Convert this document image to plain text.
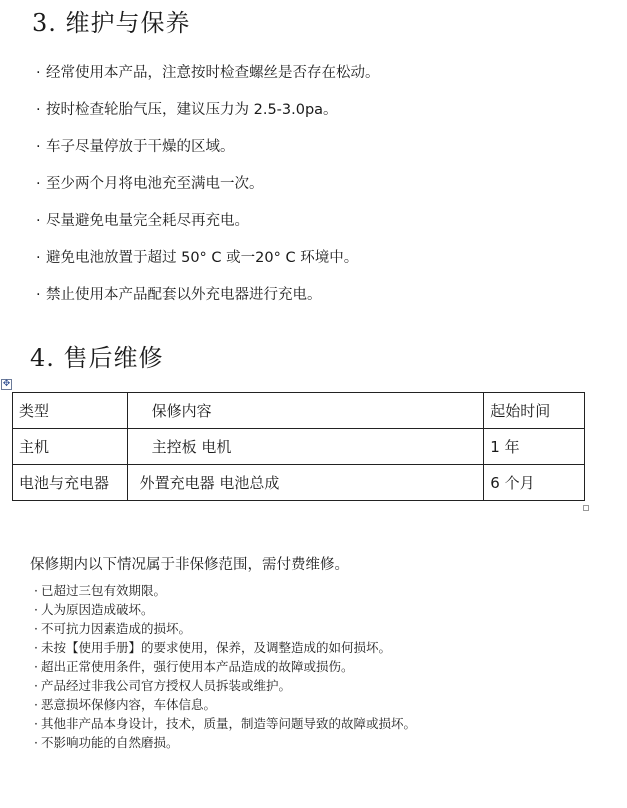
3. 维护与保养
· 经常使用本产品，注意按时检查螺丝是否存在松动。
· 按时检查轮胎气压，建议压力为 2.5-3.0pa。
· 车子尽量停放于干燥的区域。
· 至少两个月将电池充至满电一次。
· 尽量避免电量完全耗尽再充电。
· 避免电池放置于超过 50° C 或一20° C 环境中。
· 禁止使用本产品配套以外充电器进行充电。
4. 售后维修
✥
类型	保修内容	起始时间
主机	主控板 电机	1 年
电池与充电器	外置充电器 电池总成	6 个月

保修期内以下情况属于非保修范围，需付费维修。

· 已超过三包有效期限。
· 人为原因造成破坏。
· 不可抗力因素造成的损坏。
· 未按【使用手册】的要求使用，保养，及调整造成的如何损坏。
· 超出正常使用条件，强行使用本产品造成的故障或损伤。
· 产品经过非我公司官方授权人员拆装或维护。
· 恶意损坏保修内容，车体信息。
· 其他非产品本身设计，技术，质量，制造等问题导致的故障或损坏。
· 不影响功能的自然磨损。
